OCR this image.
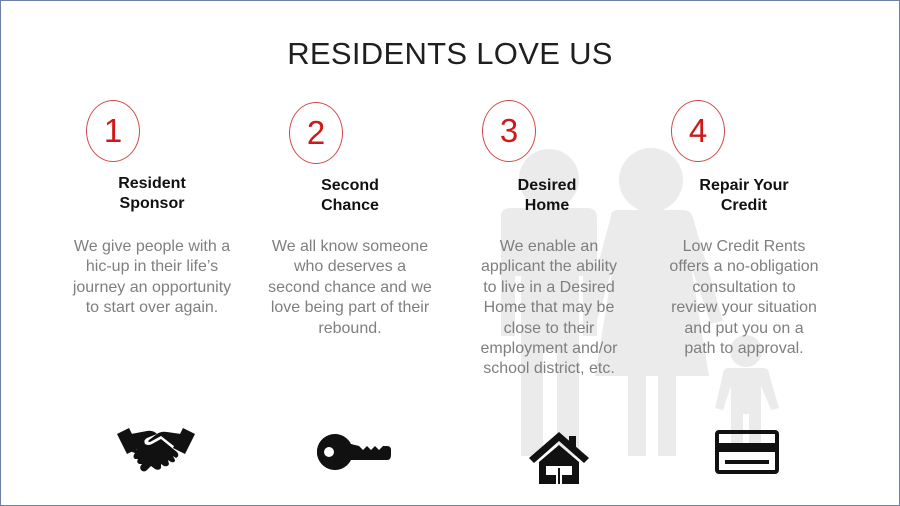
RESIDENTS LOVE US
1
Resident
Sponsor
We give people with a hic-up in their life’s journey an opportunity to start over again.
2
Second
Chance
We all know someone who deserves a second chance and we love being part of their rebound.
3
Desired
Home
We enable an applicant the ability to live in a Desired Home that may be close to their employment and/or school district, etc.
4
Repair Your
Credit
Low Credit Rents offers a no-obligation consultation to review your situation and put you on a path to approval.
